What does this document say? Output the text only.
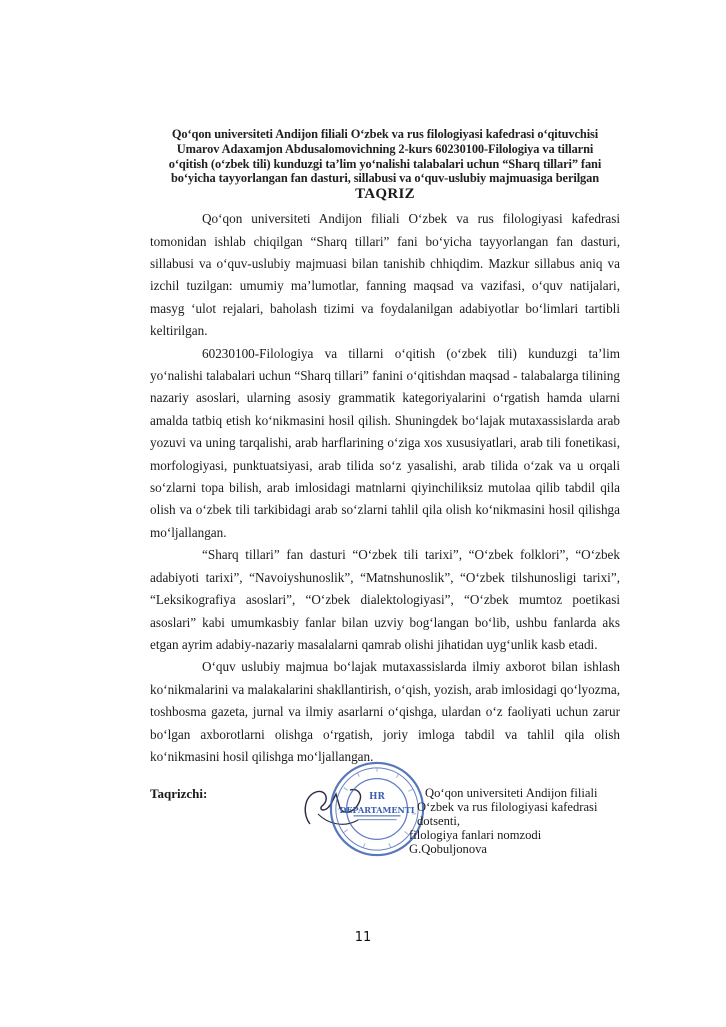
Qo‘qon universiteti Andijon filiali O‘zbek va rus filologiyasi kafedrasi o‘qituvchisi
Umarov Adaxamjon Abdusalomovichning 2-kurs 60230100-Filologiya va tillarni
o‘qitish (o‘zbek tili) kunduzgi ta’lim yo‘nalishi talabalari uchun “Sharq tillari” fani
bo‘yicha tayyorlangan fan dasturi, sillabusi va o‘quv-uslubiy majmuasiga berilgan
TAQRIZ

Qo‘qon universiteti Andijon filiali O‘zbek va rus filologiyasi kafedrasi tomonidan ishlab chiqilgan “Sharq tillari” fani bo‘yicha tayyorlangan fan dasturi, sillabusi va o‘quv-uslubiy majmuasi bilan tanishib chhiqdim. Mazkur sillabus aniq va izchil tuzilgan: umumiy ma’lumotlar, fanning maqsad va vazifasi, o‘quv natijalari, masyg ‘ulot rejalari, baholash tizimi va foydalanilgan adabiyotlar bo‘limlari tartibli keltirilgan.

60230100-Filologiya va tillarni o‘qitish (o‘zbek tili) kunduzgi ta’lim yo‘nalishi talabalari uchun “Sharq tillari” fanini o‘qitishdan maqsad - talabalarga tilining nazariy asoslari, ularning asosiy grammatik kategoriyalarini o‘rgatish hamda ularni amalda tatbiq etish ko‘nikmasini hosil qilish. Shuningdek bo‘lajak mutaxassislarda arab yozuvi va uning tarqalishi, arab harflarining o‘ziga xos xususiyatlari, arab tili fonetikasi, morfologiyasi, punktuatsiyasi, arab tilida so‘z yasalishi, arab tilida o‘zak va u orqali so‘zlarni topa bilish, arab imlosidagi matnlarni qiyinchiliksiz mutolaa qilib tabdil qila olish va o‘zbek tili tarkibidagi arab so‘zlarni tahlil qila olish ko‘nikmasini hosil qilishga mo‘ljallangan.

“Sharq tillari” fan dasturi “O‘zbek tili tarixi”, “O‘zbek folklori”, “O‘zbek adabiyoti tarixi”, “Navoiyshunoslik”, “Matnshunoslik”, “O‘zbek tilshunosligi tarixi”, “Leksikografiya asoslari”, “O‘zbek dialektologiyasi”, “O‘zbek mumtoz poetikasi asoslari” kabi umumkasbiy fanlar bilan uzviy bog‘langan bo‘lib, ushbu fanlarda aks etgan ayrim adabiy-nazariy masalalarni qamrab olishi jihatidan uyg‘unlik kasb etadi.

O‘quv uslubiy majmua bo‘lajak mutaxassislarda ilmiy axborot bilan ishlash ko‘nikmalarini va malakalarini shakllantirish, o‘qish, yozish, arab imlosidagi qo‘lyozma, toshbosma gazeta, jurnal va ilmiy asarlarni o‘qishga, ulardan o‘z faoliyati uchun zarur bo‘lgan axborotlarni olishga o‘rgatish, joriy imloga tabdil va tahlil qila olish ko‘nikmasini hosil qilishga mo‘ljallangan.

Taqrizchi:	HR
DEPARTAMENTI
Qo‘qon universiteti Andijon filiali
O‘zbek va rus filologiyasi kafedrasi dotsenti,
filologiya fanlari nomzodi G.Qobuljonova
11
